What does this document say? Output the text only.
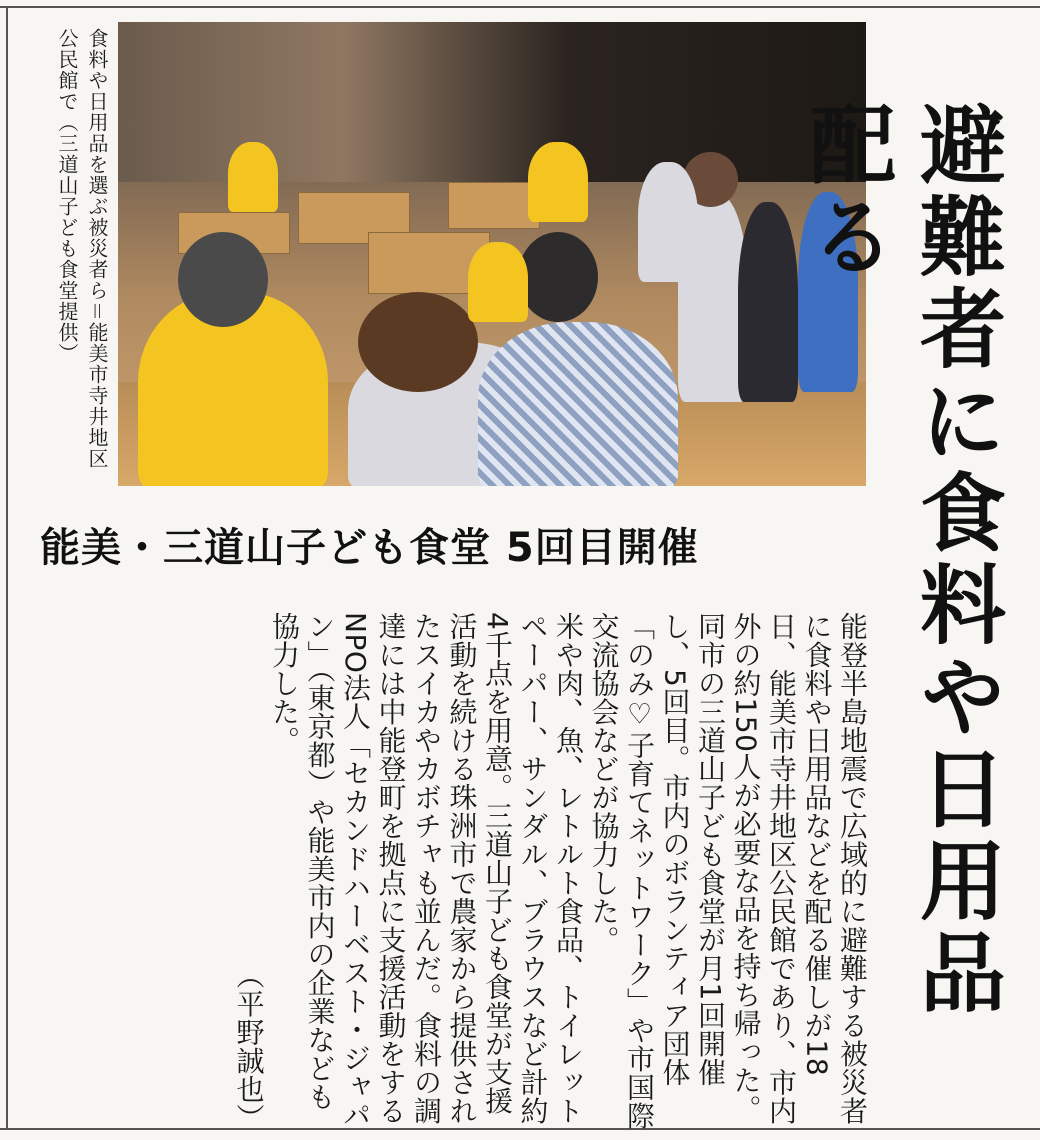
食料や日用品を選ぶ被災者ら＝能美市寺井地区公民館で（三道山子ども食堂提供）	避難者に食料や日用品配る
能美・三道山子ども食堂 5回目開催

能登半島地震で広域的に避難する被災者に食料や日用品などを配る催しが18日、能美市寺井地区公民館であり、市内外の約150人が必要な品を持ち帰った。

同市の三道山子ども食堂が月1回開催し、5回目。市内のボランティア団体「のみ♡子育てネットワーク」や市国際交流協会などが協力した。

米や肉、魚、レトルト食品、トイレットペーパー、サンダル、ブラウスなど計約4千点を用意。三道山子ども食堂が支援活動を続ける珠洲市で農家から提供されたスイカやカボチャも並んだ。食料の調達には中能登町を拠点に支援活動をするNPO法人「セカンドハーベスト・ジャパン」（東京都）や能美市内の企業なども協力した。

（平野誠也）
